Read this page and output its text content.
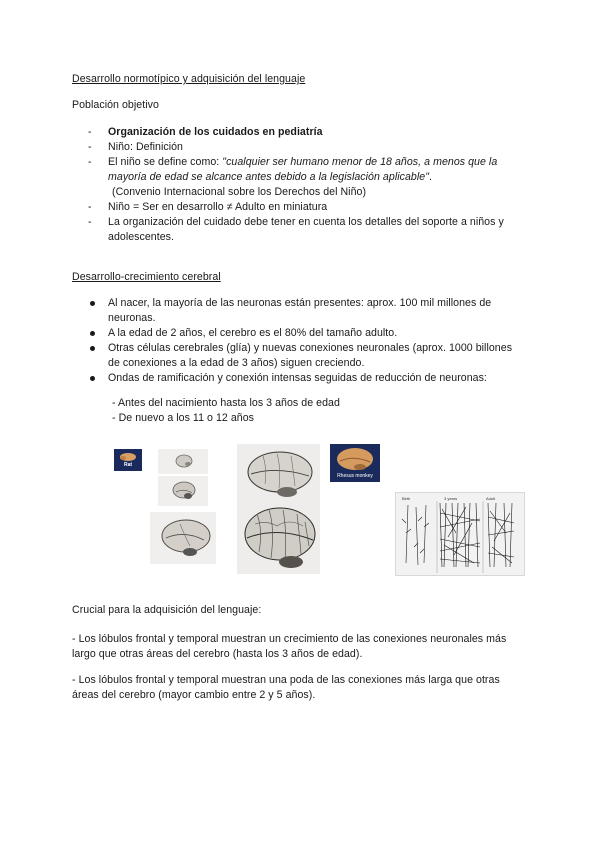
Desarrollo normotípico y adquisición del lenguaje
Población objetivo
- Organización de los cuidados en pediatría
- Niño: Definición
- El niño se define como: "cualquier ser humano menor de 18 años, a menos que la
mayoría de edad se alcance antes debido a la legislación aplicable".
(Convenio Internacional sobre los Derechos del Niño)
- Niño = Ser en desarrollo ≠ Adulto en miniatura
- La organización del cuidado debe tener en cuenta los detalles del soporte a niños y
adolescentes.
Desarrollo-crecimiento cerebral
Al nacer, la mayoría de las neuronas están presentes: aprox. 100 mil millones de
neuronas.
A la edad de 2 años, el cerebro es el 80% del tamaño adulto.
Otras células cerebrales (glía) y nuevas conexiones neuronales (aprox. 1000 billones
de conexiones a la edad de 3 años) siguen creciendo.
Ondas de ramificación y conexión intensas seguidas de reducción de neuronas:
- Antes del nacimiento hasta los 3 años de edad
- De nuevo a los 11 o 12 años
Rat
Rhesus monkey
Birth	3 years	Adult
Crucial para la adquisición del lenguaje:
- Los lóbulos frontal y temporal muestran un crecimiento de las conexiones neuronales más
largo que otras áreas del cerebro (hasta los 3 años de edad).
- Los lóbulos frontal y temporal muestran una poda de las conexiones más larga que otras
áreas del cerebro (mayor cambio entre 2 y 5 años).
